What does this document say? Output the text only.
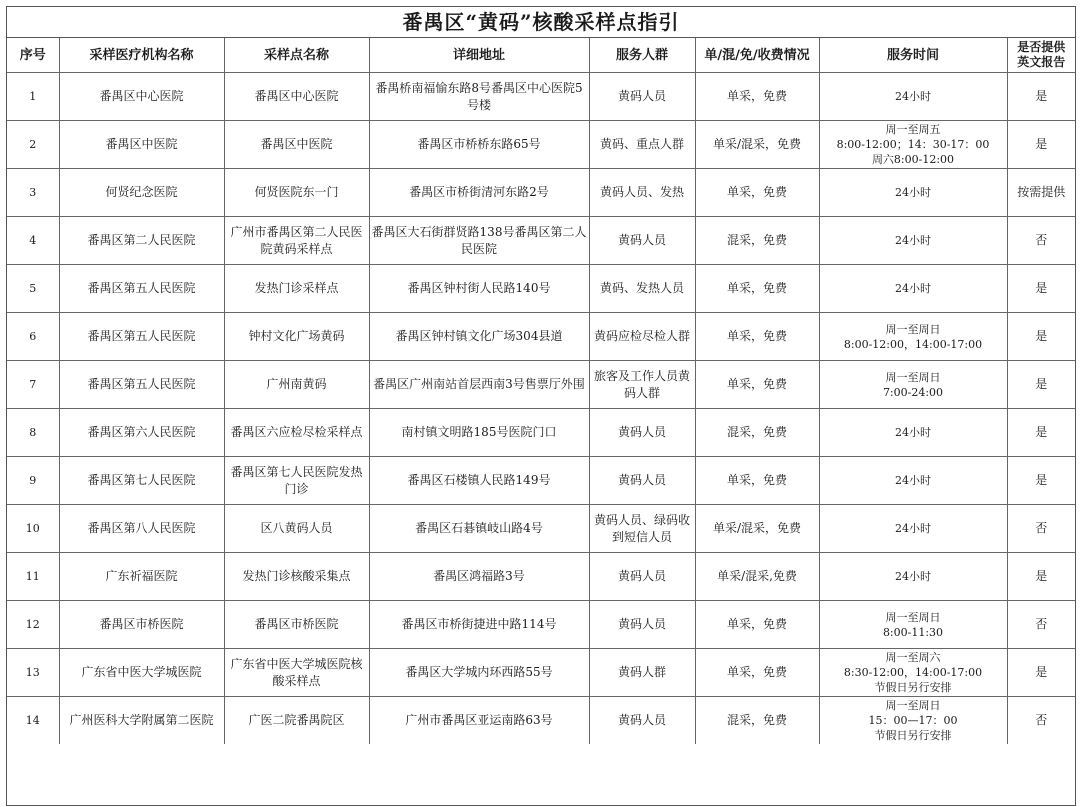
番禺区“黄码”核酸采样点指引
序号	采样医疗机构名称	采样点名称	详细地址	服务人群	单/混/免/收费情况	服务时间	是否提供
英文报告
1	番禺区中心医院	番禺区中心医院	番禺桥南福愉东路8号番禺区中心医院5号楼	黄码人员	单采，免费	24小时	是
2	番禺区中医院	番禺区中医院	番禺区市桥桥东路65号	黄码、重点人群	单采/混采，免费	周一至周五
8:00-12:00；14：30-17：00
周六8:00-12:00	是
3	何贤纪念医院	何贤医院东一门	番禺区市桥街清河东路2号	黄码人员、发热	单采，免费	24小时	按需提供
4	番禺区第二人民医院	广州市番禺区第二人民医院黄码采样点	番禺区大石街群贤路138号番禺区第二人民医院	黄码人员	混采，免费	24小时	否
5	番禺区第五人民医院	发热门诊采样点	番禺区钟村街人民路140号	黄码、发热人员	单采，免费	24小时	是
6	番禺区第五人民医院	钟村文化广场黄码	番禺区钟村镇文化广场304县道	黄码应检尽检人群	单采，免费	周一至周日
8:00-12:00，14:00-17:00	是
7	番禺区第五人民医院	广州南黄码	番禺区广州南站首层西南3号售票厅外围	旅客及工作人员黄码人群	单采，免费	周一至周日
7:00-24:00	是
8	番禺区第六人民医院	番禺区六应检尽检采样点	南村镇文明路185号医院门口	黄码人员	混采，免费	24小时	是
9	番禺区第七人民医院	番禺区第七人民医院发热门诊	番禺区石楼镇人民路149号	黄码人员	单采，免费	24小时	是
10	番禺区第八人民医院	区八黄码人员	番禺区石碁镇岐山路4号	黄码人员、绿码收到短信人员	单采/混采，免费	24小时	否
11	广东祈福医院	发热门诊核酸采集点	番禺区鸿福路3号	黄码人员	单采/混采,免费	24小时	是
12	番禺区市桥医院	番禺区市桥医院	番禺区市桥街捷进中路114号	黄码人员	单采，免费	周一至周日
8:00-11:30	否
13	广东省中医大学城医院	广东省中医大学城医院核酸采样点	番禺区大学城内环西路55号	黄码人群	单采，免费	周一至周六
8:30-12:00，14:00-17:00
节假日另行安排	是
14	广州医科大学附属第二医院	广医二院番禺院区	广州市番禺区亚运南路63号	黄码人员	混采，免费	周一至周日
15：00—17：00
节假日另行安排	否
